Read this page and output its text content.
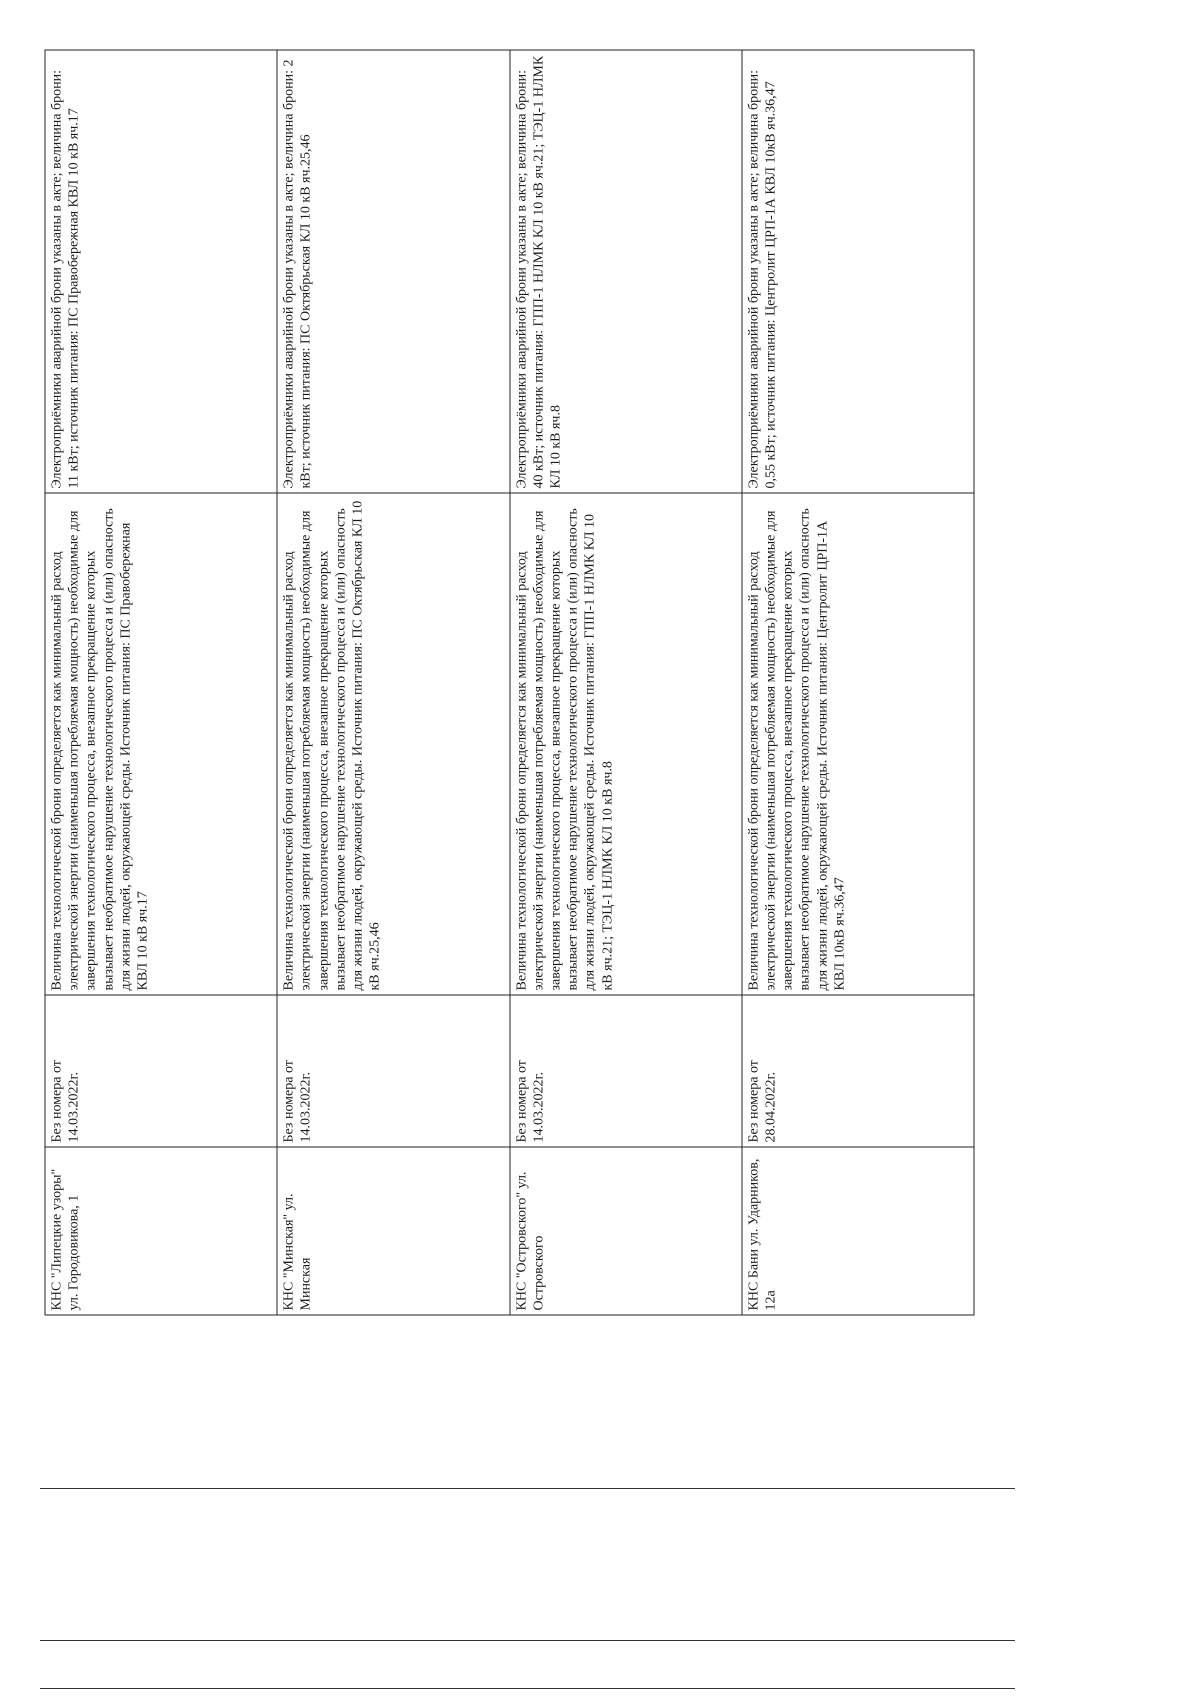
КНС "Липецкие узоры" ул. Городовикова, 1	Без номера от 14.03.2022г.	Величина технологической брони определяется как минимальный расход электрической энергии (наименьшая потребляемая мощность) необходимые для завершения технологического процесса, внезапное прекращение которых вызывает необратимое нарушение технологического процесса и (или) опасность для жизни людей, окружающей среды. Источник питания: ПС Правобережная КВЛ 10 кВ яч.17	Электроприёмники аварийной брони указаны в акте; величина брони: 11 кВт; источник питания: ПС Правобережная КВЛ 10 кВ яч.17
КНС "Минская" ул. Минская	Без номера от 14.03.2022г.	Величина технологической брони определяется как минимальный расход электрической энергии (наименьшая потребляемая мощность) необходимые для завершения технологического процесса, внезапное прекращение которых вызывает необратимое нарушение технологического процесса и (или) опасность для жизни людей, окружающей среды. Источник питания: ПС Октябрьская КЛ 10 кВ яч.25,46	Электроприёмники аварийной брони указаны в акте; величина брони: 2 кВт; источник питания: ПС Октябрьская КЛ 10 кВ яч.25,46
КНС "Островского" ул. Островского	Без номера от 14.03.2022г.	Величина технологической брони определяется как минимальный расход электрической энергии (наименьшая потребляемая мощность) необходимые для завершения технологического процесса, внезапное прекращение которых вызывает необратимое нарушение технологического процесса и (или) опасность для жизни людей, окружающей среды. Источник питания: ГПП-1 НЛМК КЛ 10 кВ яч.21; ТЭЦ-1 НЛМК КЛ 10 кВ яч.8	Электроприёмники аварийной брони указаны в акте; величина брони: 40 кВт; источник питания: ГПП-1 НЛМК КЛ 10 кВ яч.21; ТЭЦ-1 НЛМК КЛ 10 кВ яч.8
КНС Бани ул. Ударников, 12а	Без номера от 28.04.2022г.	Величина технологической брони определяется как минимальный расход электрической энергии (наименьшая потребляемая мощность) необходимые для завершения технологического процесса, внезапное прекращение которых вызывает необратимое нарушение технологического процесса и (или) опасность для жизни людей, окружающей среды. Источник питания: Центролит ЦРП-1А КВЛ 10кВ яч.36,47	Электроприёмники аварийной брони указаны в акте; величина брони: 0,55 кВт; источник питания: Центролит ЦРП-1А КВЛ 10кВ яч.36,47
